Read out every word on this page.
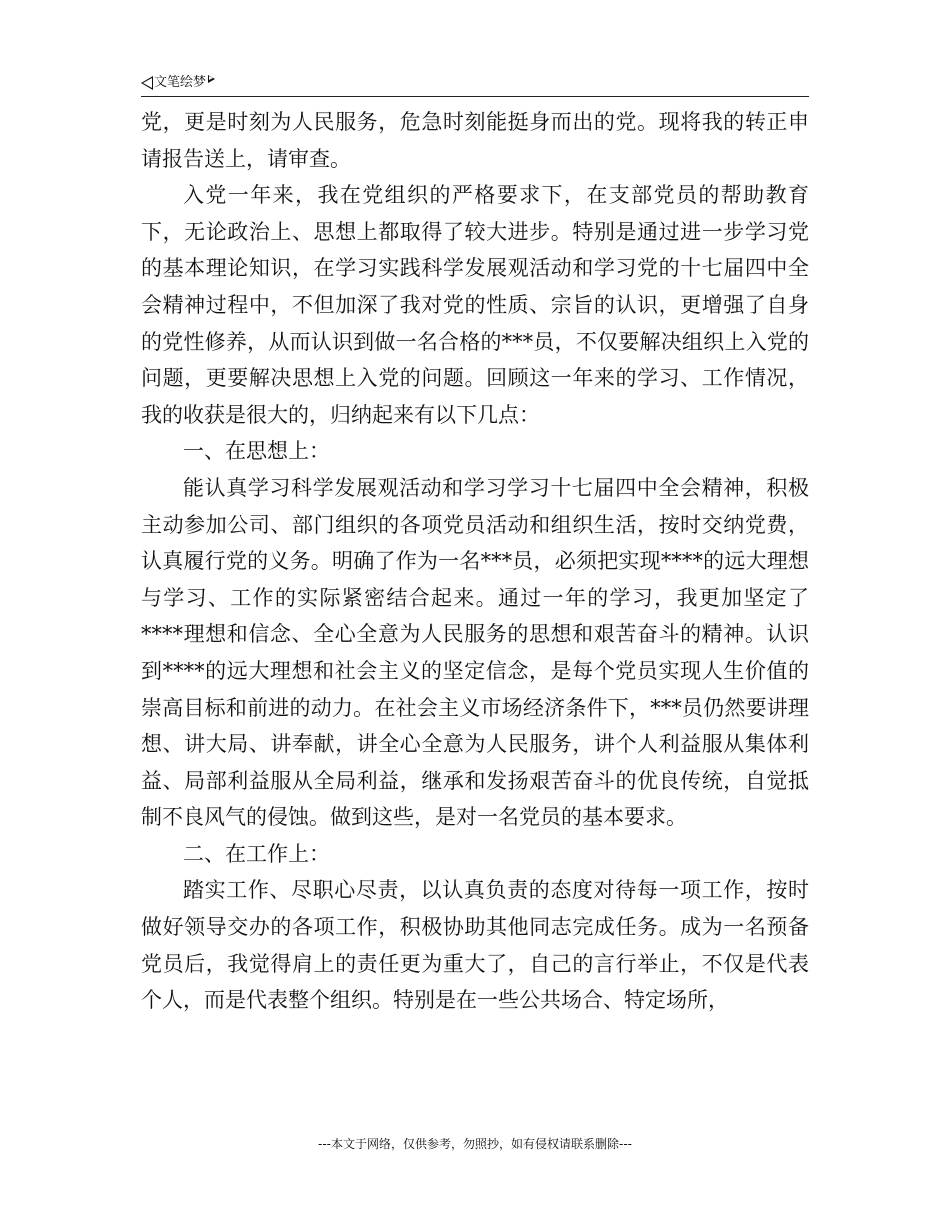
文笔绘梦

党，更是时刻为人民服务，危急时刻能挺身而出的党。现将我的转正申请报告送上，请审查。

入党一年来，我在党组织的严格要求下，在支部党员的帮助教育下，无论政治上、思想上都取得了较大进步。特别是通过进一步学习党的基本理论知识，在学习实践科学发展观活动和学习党的十七届四中全会精神过程中，不但加深了我对党的性质、宗旨的认识，更增强了自身的党性修养，从而认识到做一名合格的***员，不仅要解决组织上入党的问题，更要解决思想上入党的问题。回顾这一年来的学习、工作情况，我的收获是很大的，归纳起来有以下几点：

一、在思想上：

能认真学习科学发展观活动和学习学习十七届四中全会精神，积极主动参加公司、部门组织的各项党员活动和组织生活，按时交纳党费，认真履行党的义务。明确了作为一名***员，必须把实现****的远大理想与学习、工作的实际紧密结合起来。通过一年的学习，我更加坚定了****理想和信念、全心全意为人民服务的思想和艰苦奋斗的精神。认识到****的远大理想和社会主义的坚定信念，是每个党员实现人生价值的崇高目标和前进的动力。在社会主义市场经济条件下，***员仍然要讲理想、讲大局、讲奉献，讲全心全意为人民服务，讲个人利益服从集体利益、局部利益服从全局利益，继承和发扬艰苦奋斗的优良传统，自觉抵制不良风气的侵蚀。做到这些，是对一名党员的基本要求。

二、在工作上：

踏实工作、尽职心尽责，以认真负责的态度对待每一项工作，按时做好领导交办的各项工作，积极协助其他同志完成任务。成为一名预备党员后，我觉得肩上的责任更为重大了，自己的言行举止，不仅是代表个人，而是代表整个组织。特别是在一些公共场合、特定场所，

---本文于网络，仅供参考，勿照抄，如有侵权请联系删除---
